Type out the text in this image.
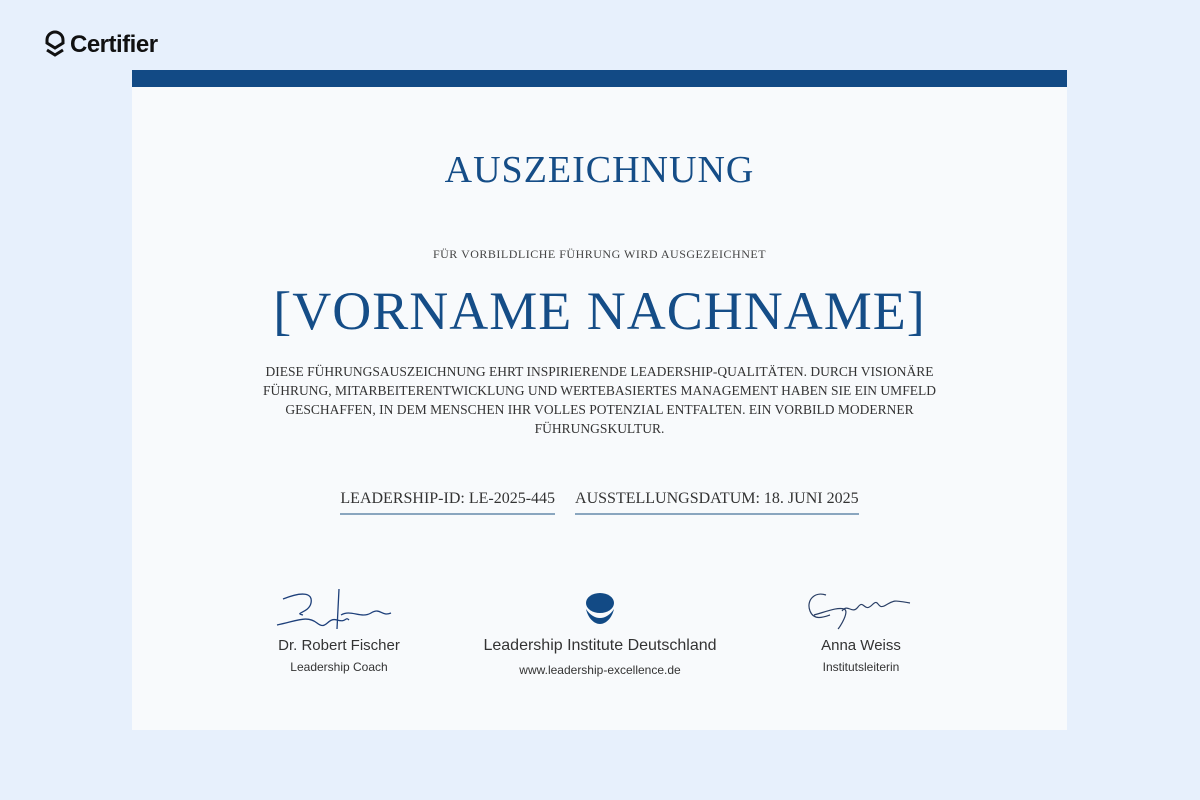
Certifier
AUSZEICHNUNG
FÜR VORBILDLICHE FÜHRUNG WIRD AUSGEZEICHNET
[VORNAME NACHNAME]
DIESE FÜHRUNGSAUSZEICHNUNG EHRT INSPIRIERENDE LEADERSHIP-QUALITÄTEN. DURCH VISIONÄRE FÜHRUNG, MITARBEITERENTWICKLUNG UND WERTEBASIERTES MANAGEMENT HABEN SIE EIN UMFELD GESCHAFFEN, IN DEM MENSCHEN IHR VOLLES POTENZIAL ENTFALTEN. EIN VORBILD MODERNER FÜHRUNGSKULTUR.
LEADERSHIP-ID: LE-2025-445 AUSSTELLUNGSDATUM: 18. JUNI 2025
Dr. Robert Fischer
Leadership Coach
Leadership Institute Deutschland
www.leadership-excellence.de
Anna Weiss
Institutsleiterin
